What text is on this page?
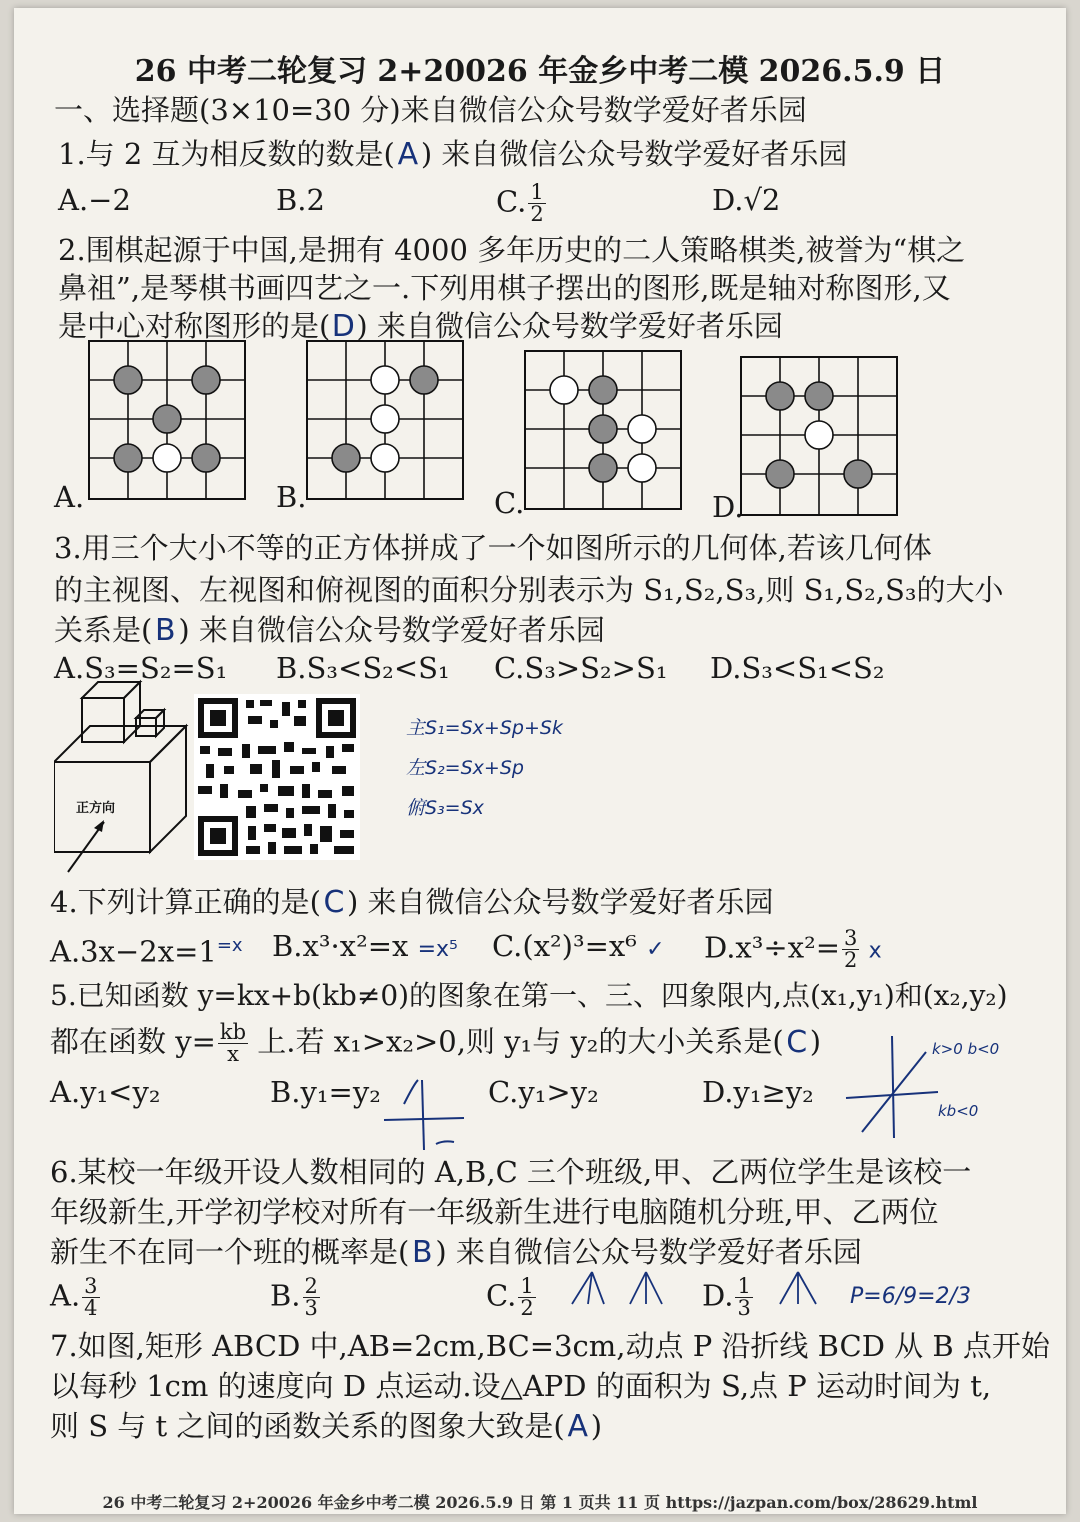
26 中考二轮复习 2+20026 年金乡中考二模 2026.5.9 日
一、选择题(3×10=30 分)来自微信公众号数学爱好者乐园
1.与 2 互为相反数的数是(A) 来自微信公众号数学爱好者乐园
A.−2	B.2	C. $\frac{1}{2}$	D.√2
2.围棋起源于中国,是拥有 4000 多年历史的二人策略棋类,被誉为“棋之
鼻祖”,是琴棋书画四艺之一.下列用棋子摆出的图形,既是轴对称图形,又
是中心对称图形的是(D) 来自微信公众号数学爱好者乐园
A.	B.	C.	D.
3.用三个大小不等的正方体拼成了一个如图所示的几何体,若该几何体
的主视图、左视图和俯视图的面积分别表示为 S₁,S₂,S₃,则 S₁,S₂,S₃的大小
关系是(B) 来自微信公众号数学爱好者乐园
A.S₃=S₂=S₁ B.S₃<S₂<S₁ C.S₃>S₂>S₁ D.S₃<S₁<S₂
正方向
主S₁=Sx+Sp+Sk
左S₂=Sx+Sp
俯S₃=Sx
4.下列计算正确的是(C) 来自微信公众号数学爱好者乐园
$A.3x-2x=1^{=x}$ B.x³·x²=x =x⁵ C.(x²)³=x⁶ ✓ $D.x^3\div x^2= \frac{3}{2}$ x
5.已知函数 y=kx+b(kb≠0)的图象在第一、三、四象限内,点(x₁,y₁)和(x₂,y₂)
都在函数 $y= \frac{kb}{x}$ 上.若 x₁>x₂>0,则 y₁与 y₂的大小关系是(C)
A.y₁<y₂	B.y₁=y₂	C.y₁>y₂	D.y₁≥y₂
k>0 b<0
kb<0
6.某校一年级开设人数相同的 A,B,C 三个班级,甲、乙两位学生是该校一
年级新生,开学初学校对所有一年级新生进行电脑随机分班,甲、乙两位
新生不在同一个班的概率是(B) 来自微信公众号数学爱好者乐园
A. $\frac{3}{4}$	B. $\frac{2}{3}$	C. $\frac{1}{2}$	D. $\frac{1}{3}$	P=6/9=2/3
7.如图,矩形 ABCD 中,AB=2cm,BC=3cm,动点 P 沿折线 BCD 从 B 点开始
以每秒 1cm 的速度向 D 点运动.设△APD 的面积为 S,点 P 运动时间为 t,
则 S 与 t 之间的函数关系的图象大致是(A)
26 中考二轮复习 2+20026 年金乡中考二模 2026.5.9 日 第 1 页共 11 页 https://jazpan.com/box/28629.html
